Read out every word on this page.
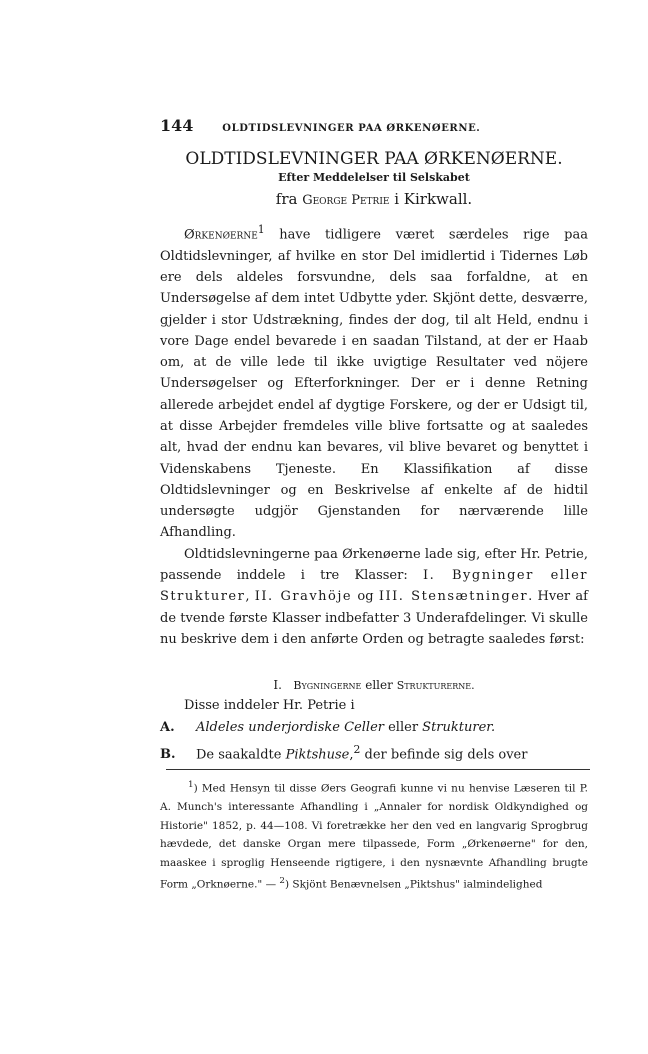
144	OLDTIDSLEVNINGER PAA ØRKENØERNE.
OLDTIDSLEVNINGER PAA ØRKENØERNE.
Efter Meddelelser til Selskabet
fra George Petrie i Kirkwall.

Ørkenøerne$^1$ have tidligere været særdeles rige paa Oldtidslevninger, af hvilke en stor Del imidlertid i Tidernes Løb ere dels aldeles forsvundne, dels saa forfaldne, at en Undersøgelse af dem intet Udbytte yder. Skjönt dette, desværre, gjelder i stor Udstrækning, findes der dog, til alt Held, endnu i vore Dage endel bevarede i en saadan Tilstand, at der er Haab om, at de ville lede til ikke uvigtige Resultater ved nöjere Undersøgelser og Efterforkninger. Der er i denne Retning allerede arbejdet endel af dygtige Forskere, og der er Udsigt til, at disse Arbejder fremdeles ville blive fortsatte og at saaledes alt, hvad der endnu kan bevares, vil blive bevaret og benyttet i Videnskabens Tjeneste. En Klassifikation af disse Oldtidslevninger og en Beskrivelse af enkelte af de hidtil undersøgte udgjör Gjenstanden for nærværende lille Afhandling.

Oldtidslevningerne paa Ørkenøerne lade sig, efter Hr. Petrie, passende inddele i tre Klasser: I. Bygninger eller Strukturer, II. Gravhöje og III. Stensætninger. Hver af de tvende første Klasser indbefatter 3 Underafdelinger. Vi skulle nu beskrive dem i den anførte Orden og betragte saaledes først:

I. Bygningerne eller Strukturerne.
Disse inddeler Hr. Petrie i
A. Aldeles underjordiske Celler eller Strukturer.
B. De saakaldte Piktshuse,$^2$ der befinde sig dels over

$^1$) Med Hensyn til disse Øers Geografi kunne vi nu henvise Læseren til P. A. Munch's interessante Afhandling i „Annaler for nordisk Oldkyndighed og Historie" 1852, p. 44—108. Vi foretrække her den ved en langvarig Sprogbrug hævdede, det danske Organ mere tilpassede, Form „Ørkenøerne" for den, maaskee i sproglig Henseende rigtigere, i den nysnævnte Afhandling brugte Form „Orknøerne." — $^2$) Skjönt Benævnelsen „Piktshus" ialmindelighed
